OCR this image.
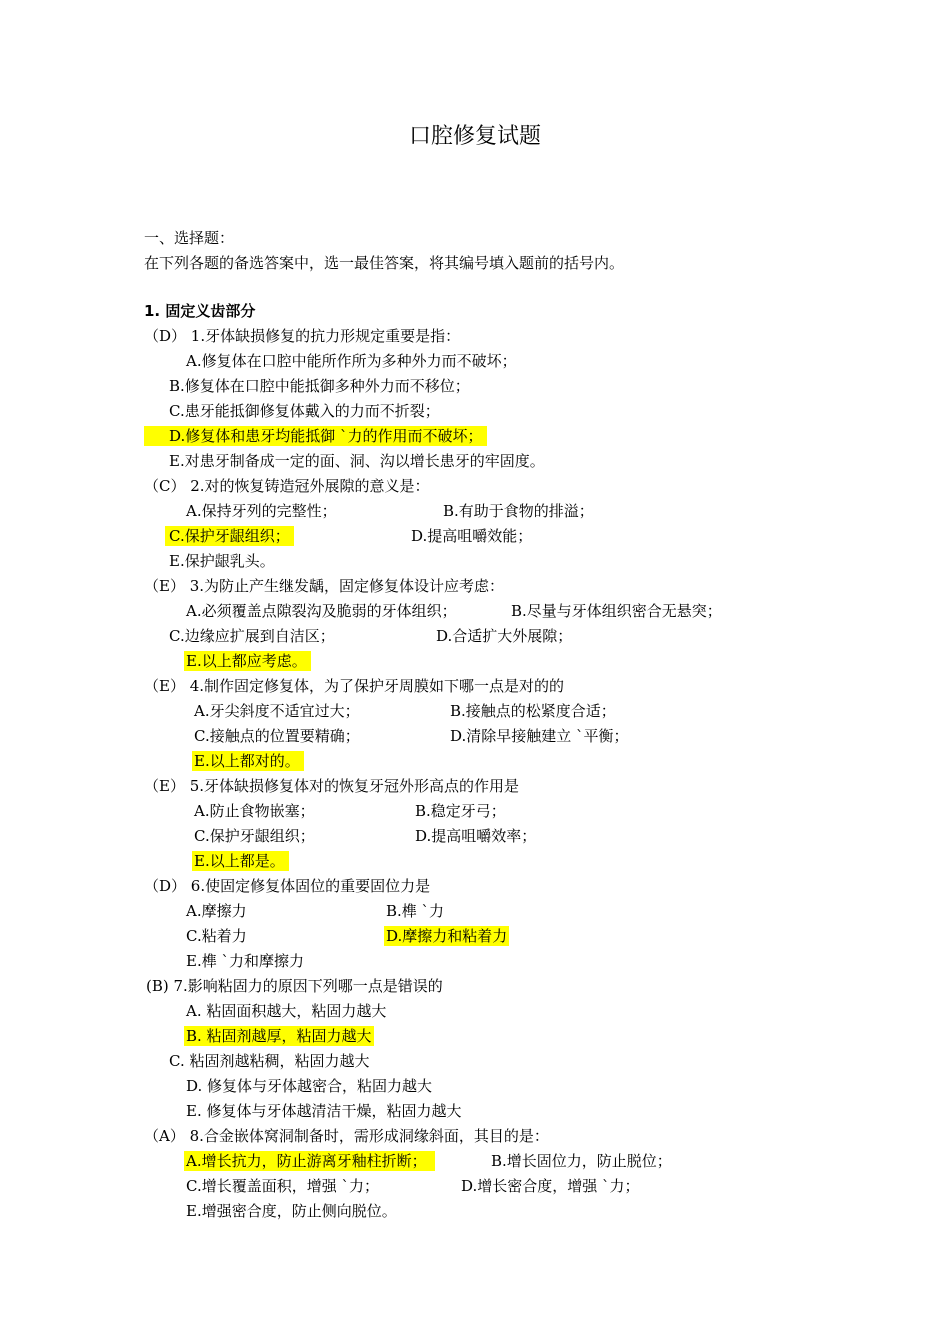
口腔修复试题
一、选择题：
在下列各题的备选答案中，选一最佳答案，将其编号填入题前的括号内。
1. 固定义齿部分
（D） 1.牙体缺损修复的抗力形规定重要是指：
A.修复体在口腔中能所作所为多种外力而不破坏；
B.修复体在口腔中能抵御多种外力而不移位；
C.患牙能抵御修复体戴入的力而不折裂；
D.修复体和患牙均能抵御 `力的作用而不破坏；
E.对患牙制备成一定的面、洞、沟以增长患牙的牢固度。
（C） 2.对的恢复铸造冠外展隙的意义是：
A.保持牙列的完整性；	B.有助于食物的排溢；
C.保护牙龈组织；	D.提高咀嚼效能；
E.保护龈乳头。
（E） 3.为防止产生继发龋，固定修复体设计应考虑：
A.必须覆盖点隙裂沟及脆弱的牙体组织；	B.尽量与牙体组织密合无悬突；
C.边缘应扩展到自洁区；	D.合适扩大外展隙；
E.以上都应考虑。
（E） 4.制作固定修复体，为了保护牙周膜如下哪一点是对的的
A.牙尖斜度不适宜过大；	B.接触点的松紧度合适；
C.接触点的位置要精确；	D.清除早接触建立 `平衡；
E.以上都对的。
（E） 5.牙体缺损修复体对的恢复牙冠外形高点的作用是
A.防止食物嵌塞；	B.稳定牙弓；
C.保护牙龈组织；	D.提高咀嚼效率；
E.以上都是。
（D） 6.使固定修复体固位的重要固位力是
A.摩擦力	B.榫 `力
C.粘着力	D.摩擦力和粘着力
E.榫 `力和摩擦力
(B) 7.影响粘固力的原因下列哪一点是错误的
A. 粘固面积越大，粘固力越大
B. 粘固剂越厚，粘固力越大
C. 粘固剂越粘稠，粘固力越大
D. 修复体与牙体越密合，粘固力越大
E. 修复体与牙体越清洁干燥，粘固力越大
（A） 8.合金嵌体窝洞制备时，需形成洞缘斜面，其目的是：
A.增长抗力，防止游离牙釉柱折断；	B.增长固位力，防止脱位；
C.增长覆盖面积，增强 `力；	D.增长密合度，增强 `力；
E.增强密合度，防止侧向脱位。
